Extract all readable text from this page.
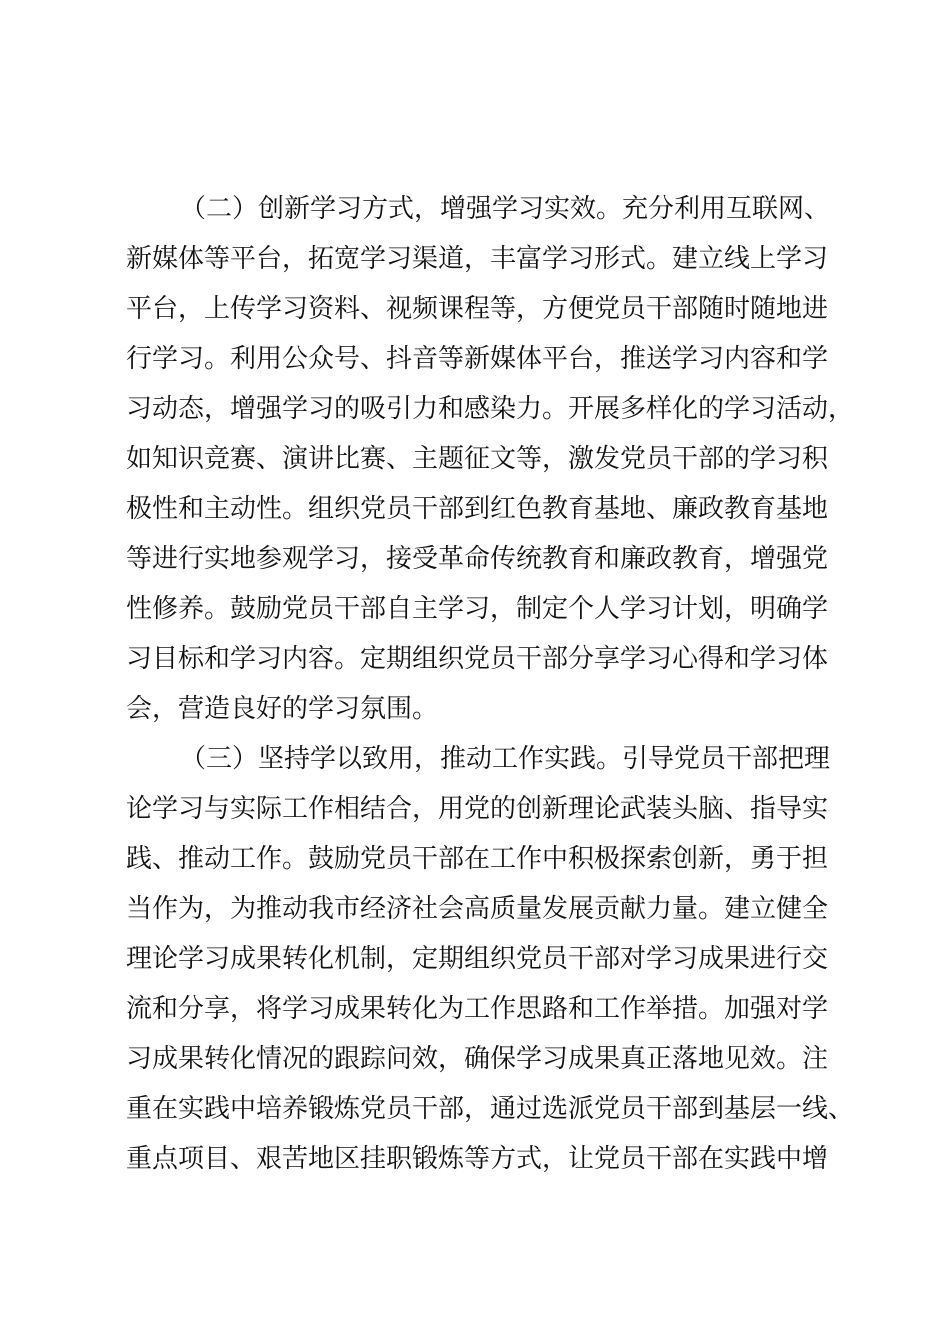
（二）创新学习方式，增强学习实效。充分利用互联网、
新媒体等平台，拓宽学习渠道，丰富学习形式。建立线上学习
平台，上传学习资料、视频课程等，方便党员干部随时随地进
行学习。利用公众号、抖音等新媒体平台，推送学习内容和学
习动态，增强学习的吸引力和感染力。开展多样化的学习活动，
如知识竞赛、演讲比赛、主题征文等，激发党员干部的学习积
极性和主动性。组织党员干部到红色教育基地、廉政教育基地
等进行实地参观学习，接受革命传统教育和廉政教育，增强党
性修养。鼓励党员干部自主学习，制定个人学习计划，明确学
习目标和学习内容。定期组织党员干部分享学习心得和学习体
会，营造良好的学习氛围。
（三）坚持学以致用，推动工作实践。引导党员干部把理
论学习与实际工作相结合，用党的创新理论武装头脑、指导实
践、推动工作。鼓励党员干部在工作中积极探索创新，勇于担
当作为，为推动我市经济社会高质量发展贡献力量。建立健全
理论学习成果转化机制，定期组织党员干部对学习成果进行交
流和分享，将学习成果转化为工作思路和工作举措。加强对学
习成果转化情况的跟踪问效，确保学习成果真正落地见效。注
重在实践中培养锻炼党员干部，通过选派党员干部到基层一线、
重点项目、艰苦地区挂职锻炼等方式，让党员干部在实践中增
